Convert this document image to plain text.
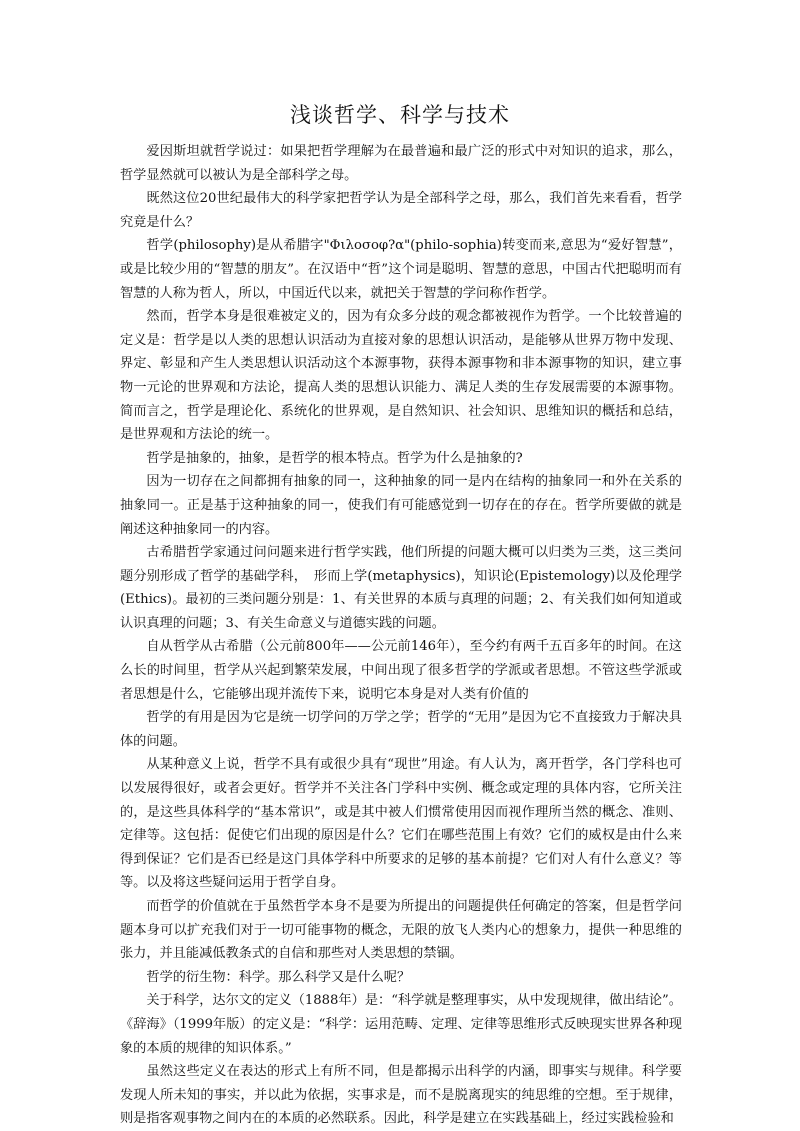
浅谈哲学、科学与技术

爱因斯坦就哲学说过：如果把哲学理解为在最普遍和最广泛的形式中对知识的追求，那么，哲学显然就可以被认为是全部科学之母。

既然这位20世纪最伟大的科学家把哲学认为是全部科学之母，那么，我们首先来看看，哲学究竟是什么？

哲学(philosophy)是从希腊字"Φιλοσοφ?α"(philo-sophia)转变而来,意思为“爱好智慧”，或是比较少用的“智慧的朋友”。在汉语中“哲”这个词是聪明、智慧的意思，中国古代把聪明而有智慧的人称为哲人，所以，中国近代以来，就把关于智慧的学问称作哲学。

然而，哲学本身是很难被定义的，因为有众多分歧的观念都被视作为哲学。一个比较普遍的定义是：哲学是以人类的思想认识活动为直接对象的思想认识活动，是能够从世界万物中发现、界定、彰显和产生人类思想认识活动这个本源事物，获得本源事物和非本源事物的知识，建立事物一元论的世界观和方法论，提高人类的思想认识能力、满足人类的生存发展需要的本源事物。简而言之，哲学是理论化、系统化的世界观，是自然知识、社会知识、思维知识的概括和总结，是世界观和方法论的统一。

哲学是抽象的，抽象，是哲学的根本特点。哲学为什么是抽象的?

因为一切存在之间都拥有抽象的同一，这种抽象的同一是内在结构的抽象同一和外在关系的抽象同一。正是基于这种抽象的同一，使我们有可能感觉到一切存在的存在。哲学所要做的就是阐述这种抽象同一的内容。

古希腊哲学家通过问问题来进行哲学实践，他们所提的问题大概可以归类为三类，这三类问题分别形成了哲学的基础学科，　形而上学(metaphysics)，知识论(Epistemology)以及伦理学(Ethics)。最初的三类问题分别是：1、有关世界的本质与真理的问题；2、有关我们如何知道或认识真理的问题；3、有关生命意义与道德实践的问题。

自从哲学从古希腊（公元前800年——公元前146年），至今约有两千五百多年的时间。在这么长的时间里，哲学从兴起到繁荣发展，中间出现了很多哲学的学派或者思想。不管这些学派或者思想是什么，它能够出现并流传下来，说明它本身是对人类有价值的

哲学的有用是因为它是统一切学问的万学之学；哲学的“无用”是因为它不直接致力于解决具体的问题。

从某种意义上说，哲学不具有或很少具有“现世”用途。有人认为，离开哲学，各门学科也可以发展得很好，或者会更好。哲学并不关注各门学科中实例、概念或定理的具体内容，它所关注的，是这些具体科学的“基本常识”，或是其中被人们惯常使用因而视作理所当然的概念、准则、定律等。这包括：促使它们出现的原因是什么？它们在哪些范围上有效？它们的威权是由什么来得到保证？它们是否已经是这门具体学科中所要求的足够的基本前提？它们对人有什么意义？等等。以及将这些疑问运用于哲学自身。

而哲学的价值就在于虽然哲学本身不是要为所提出的问题提供任何确定的答案，但是哲学问题本身可以扩充我们对于一切可能事物的概念，无限的放飞人类内心的想象力，提供一种思维的张力，并且能减低教条式的自信和那些对人类思想的禁锢。

哲学的衍生物：科学。那么科学又是什么呢？

关于科学，达尔文的定义（1888年）是：“科学就是整理事实，从中发现规律，做出结论”。《辞海》（1999年版）的定义是：“科学：运用范畴、定理、定律等思维形式反映现实世界各种现象的本质的规律的知识体系。”

虽然这些定义在表达的形式上有所不同，但是都揭示出科学的内涵，即事实与规律。科学要发现人所未知的事实，并以此为依据，实事求是，而不是脱离现实的纯思维的空想。至于规律，则是指客观事物之间内在的本质的必然联系。因此，科学是建立在实践基础上，经过实践检验和
